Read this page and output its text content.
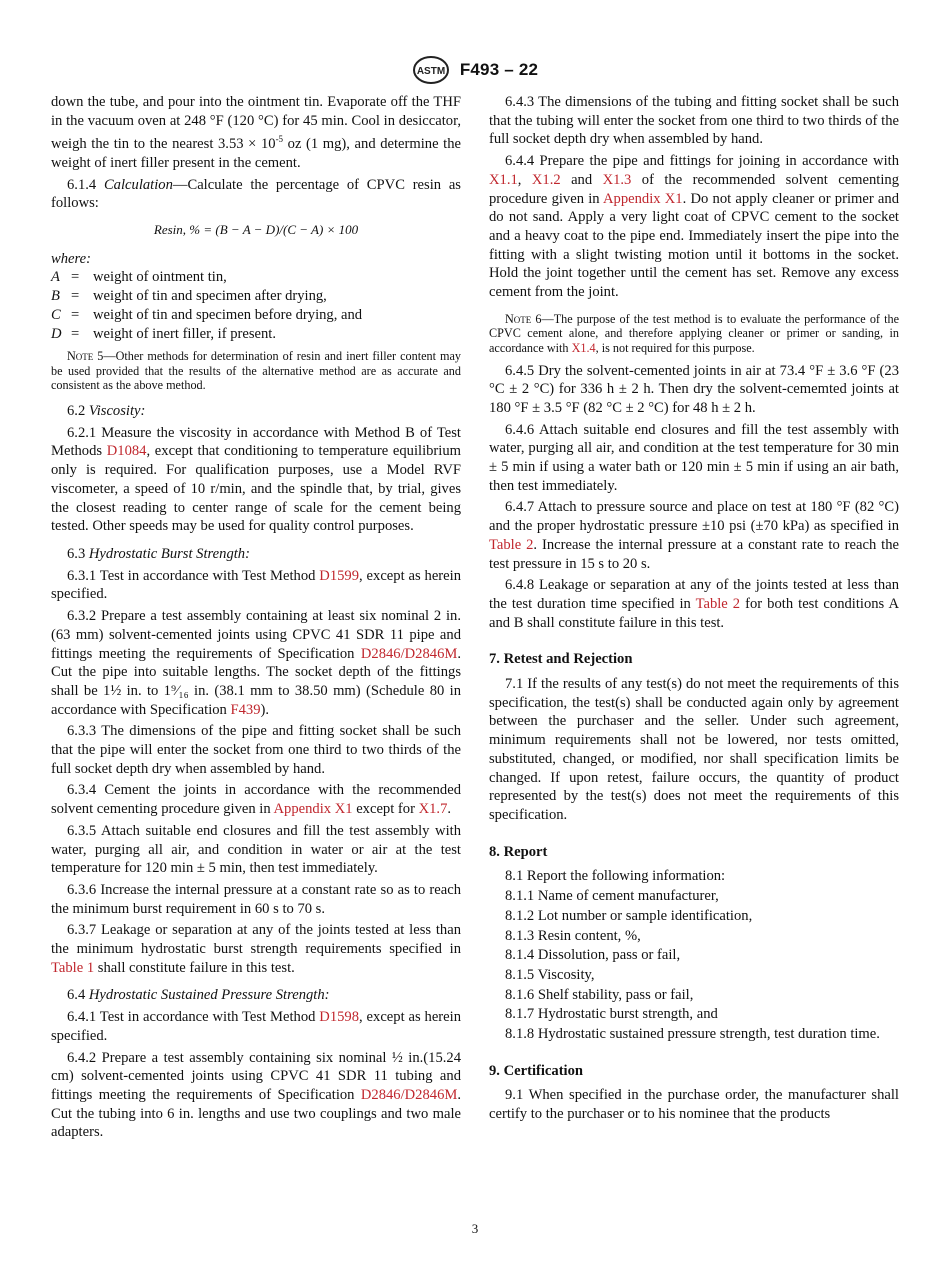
ASTM F493 – 22

down the tube, and pour into the ointment tin. Evaporate off the THF in the vacuum oven at 248 °F (120 °C) for 45 min. Cool in desiccator, weigh the tin to the nearest $3.53 \times 10^{-5}$ oz (1 mg), and determine the weight of inert filler present in the cement.

6.1.4 Calculation—Calculate the percentage of CPVC resin as follows:

Resin, % = (B − A − D)/(C − A) × 100
where:
A = weight of ointment tin,
B = weight of tin and specimen after drying,
C = weight of tin and specimen before drying, and
D = weight of inert filler, if present.

Note 5—Other methods for determination of resin and inert filler content may be used provided that the results of the alternative method are as accurate and consistent as the above method.

6.2 Viscosity:

6.2.1 Measure the viscosity in accordance with Method B of Test Methods D1084, except that conditioning to temperature equilibrium only is required. For qualification purposes, use a Model RVF viscometer, a speed of 10 r/min, and the spindle that, by trial, gives the closest reading to center range of scale for the cement being tested. Other speeds may be used for quality control purposes.

6.3 Hydrostatic Burst Strength:

6.3.1 Test in accordance with Test Method D1599, except as herein specified.

6.3.2 Prepare a test assembly containing at least six nominal 2 in. (63 mm) solvent-cemented joints using CPVC 41 SDR 11 pipe and fittings meeting the requirements of Specification D2846/D2846M. Cut the pipe into suitable lengths. The socket depth of the fittings shall be 1½ in. to 1⁹⁄₁₆ in. (38.1 mm to 38.50 mm) (Schedule 80 in accordance with Specification F439).

6.3.3 The dimensions of the pipe and fitting socket shall be such that the pipe will enter the socket from one third to two thirds of the full socket depth dry when assembled by hand.

6.3.4 Cement the joints in accordance with the recommended solvent cementing procedure given in Appendix X1 except for X1.7.

6.3.5 Attach suitable end closures and fill the test assembly with water, purging all air, and condition in water or air at the test temperature for 120 min ± 5 min, then test immediately.

6.3.6 Increase the internal pressure at a constant rate so as to reach the minimum burst requirement in 60 s to 70 s.

6.3.7 Leakage or separation at any of the joints tested at less than the minimum hydrostatic burst strength requirements specified in Table 1 shall constitute failure in this test.

6.4 Hydrostatic Sustained Pressure Strength:

6.4.1 Test in accordance with Test Method D1598, except as herein specified.

6.4.2 Prepare a test assembly containing six nominal ½ in.(15.24 cm) solvent-cemented joints using CPVC 41 SDR 11 tubing and fittings meeting the requirements of Specification D2846/D2846M. Cut the tubing into 6 in. lengths and use two couplings and two male adapters.

6.4.3 The dimensions of the tubing and fitting socket shall be such that the tubing will enter the socket from one third to two thirds of the full socket depth dry when assembled by hand.

6.4.4 Prepare the pipe and fittings for joining in accordance with X1.1, X1.2 and X1.3 of the recommended solvent cementing procedure given in Appendix X1. Do not apply cleaner or primer and do not sand. Apply a very light coat of CPVC cement to the socket and a heavy coat to the pipe end. Immediately insert the pipe into the fitting with a slight twisting motion until it bottoms in the socket. Hold the joint together until the cement has set. Remove any excess cement from the joint.

Note 6—The purpose of the test method is to evaluate the performance of the CPVC cement alone, and therefore applying cleaner or primer or sanding, in accordance with X1.4, is not required for this purpose.

6.4.5 Dry the solvent-cemented joints in air at 73.4 °F ± 3.6 °F (23 °C ± 2 °C) for 336 h ± 2 h. Then dry the solvent-cememted joints at 180 °F ± 3.5 °F (82 °C ± 2 °C) for 48 h ± 2 h.

6.4.6 Attach suitable end closures and fill the test assembly with water, purging all air, and condition at the test temperature for 30 min ± 5 min if using a water bath or 120 min ± 5 min if using an air bath, then test immediately.

6.4.7 Attach to pressure source and place on test at 180 °F (82 °C) and the proper hydrostatic pressure ±10 psi (±70 kPa) as specified in Table 2. Increase the internal pressure at a constant rate to reach the test pressure in 15 s to 20 s.

6.4.8 Leakage or separation at any of the joints tested at less than the test duration time specified in Table 2 for both test conditions A and B shall constitute failure in this test.

7. Retest and Rejection

7.1 If the results of any test(s) do not meet the requirements of this specification, the test(s) shall be conducted again only by agreement between the purchaser and the seller. Under such agreement, minimum requirements shall not be lowered, nor tests omitted, substituted, changed, or modified, nor shall specification limits be changed. If upon retest, failure occurs, the quantity of product represented by the test(s) does not meet the requirements of this specification.

8. Report

8.1 Report the following information:

8.1.1 Name of cement manufacturer,

8.1.2 Lot number or sample identification,

8.1.3 Resin content, %,

8.1.4 Dissolution, pass or fail,

8.1.5 Viscosity,

8.1.6 Shelf stability, pass or fail,

8.1.7 Hydrostatic burst strength, and

8.1.8 Hydrostatic sustained pressure strength, test duration time.

9. Certification

9.1 When specified in the purchase order, the manufacturer shall certify to the purchaser or to his nominee that the products

3
